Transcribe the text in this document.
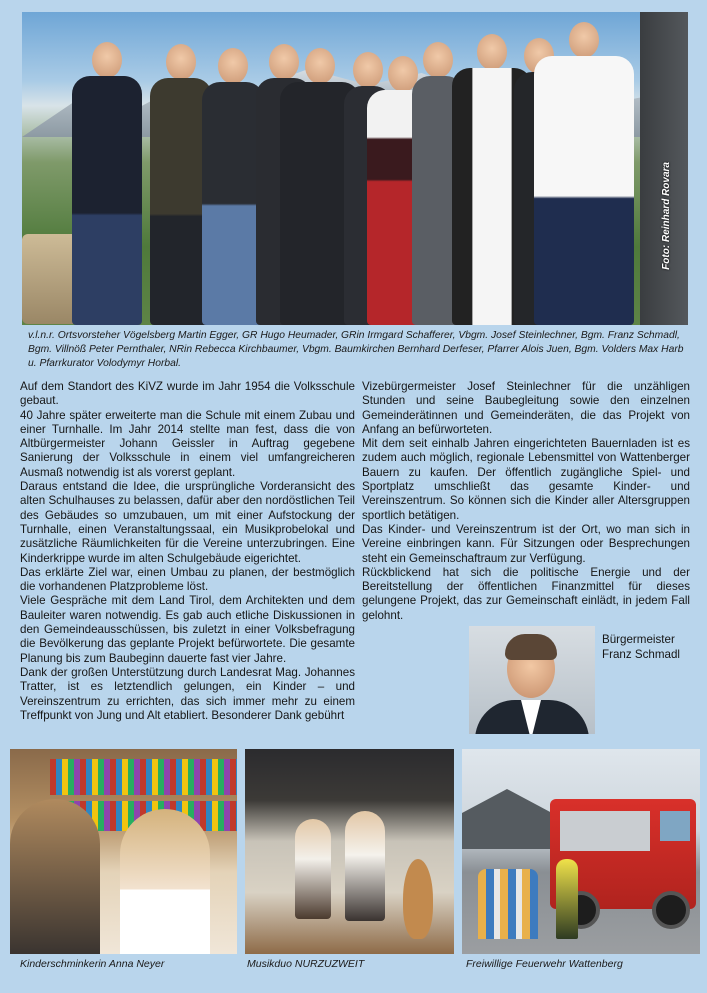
Foto: Reinhard Rovara
v.l.n.r. Ortsvorsteher Vögelsberg Martin Egger, GR Hugo Heumader, GRin Irmgard Schafferer, Vbgm. Josef Steinlechner, Bgm. Franz Schmadl, Bgm. Villnöß Peter Pernthaler, NRin Rebecca Kirchbaumer, Vbgm. Baumkirchen Bernhard Derfeser, Pfarrer Alois Juen, Bgm. Volders Max Harb u. Pfarrkurator Volodymyr Horbal.

Auf dem Standort des KiVZ wurde im Jahr 1954 die Volksschule gebaut.

40 Jahre später erweiterte man die Schule mit einem Zubau und einer Turnhalle. Im Jahr 2014 stellte man fest, dass die von Altbürgermeister Johann Geissler in Auftrag gegebene Sanierung der Volksschule in einem viel umfangreicheren Ausmaß notwendig ist als vorerst geplant.

Daraus entstand die Idee, die ursprüngliche Vorderansicht des alten Schulhauses zu belassen, dafür aber den nordöstlichen Teil des Gebäudes so umzubauen, um mit einer Aufstockung der Turnhalle, einen Veranstaltungssaal, ein Musikprobelokal und zusätzliche Räumlichkeiten für die Vereine unterzubringen. Eine Kinderkrippe wurde im alten Schulgebäude eigerichtet.

Das erklärte Ziel war, einen Umbau zu planen, der bestmöglich die vorhandenen Platzprobleme löst.

Viele Gespräche mit dem Land Tirol, dem Architekten und dem Bauleiter waren notwendig. Es gab auch etliche Diskussionen in den Gemeindeausschüssen, bis zuletzt in einer Volksbefragung die Bevölkerung das geplante Projekt befürwortete. Die gesamte Planung bis zum Baubeginn dauerte fast vier Jahre.

Dank der großen Unterstützung durch Landesrat Mag. Johannes Tratter, ist es letztendlich gelungen, ein Kinder – und Vereinszentrum zu errichten, das sich immer mehr zu einem Treffpunkt von Jung und Alt etabliert. Besonderer Dank gebührt

Vizebürgermeister Josef Steinlechner für die unzähligen Stunden und seine Baubegleitung sowie den einzelnen Gemeinderätinnen und Gemeinderäten, die das Projekt von Anfang an befürworteten.

Mit dem seit einhalb Jahren eingerichteten Bauernladen ist es zudem auch möglich, regionale Lebensmittel von Wattenberger Bauern zu kaufen. Der öffentlich zugängliche Spiel- und Sportplatz umschließt das gesamte Kinder- und Vereinszentrum. So können sich die Kinder aller Altersgruppen sportlich betätigen.

Das Kinder- und Vereinszentrum ist der Ort, wo man sich in Vereine einbringen kann. Für Sitzungen oder Besprechungen steht ein Gemeinschaftraum zur Verfügung.

Rückblickend hat sich die politische Energie und der Bereitstellung der öffentlichen Finanzmittel für dieses gelungene Projekt, das zur Gemeinschaft einlädt, in jedem Fall gelohnt.

Bürgermeister
Franz Schmadl
Kinderschminkerin Anna Neyer	Musikduo NURZUZWEIT	Freiwillige Feuerwehr Wattenberg
